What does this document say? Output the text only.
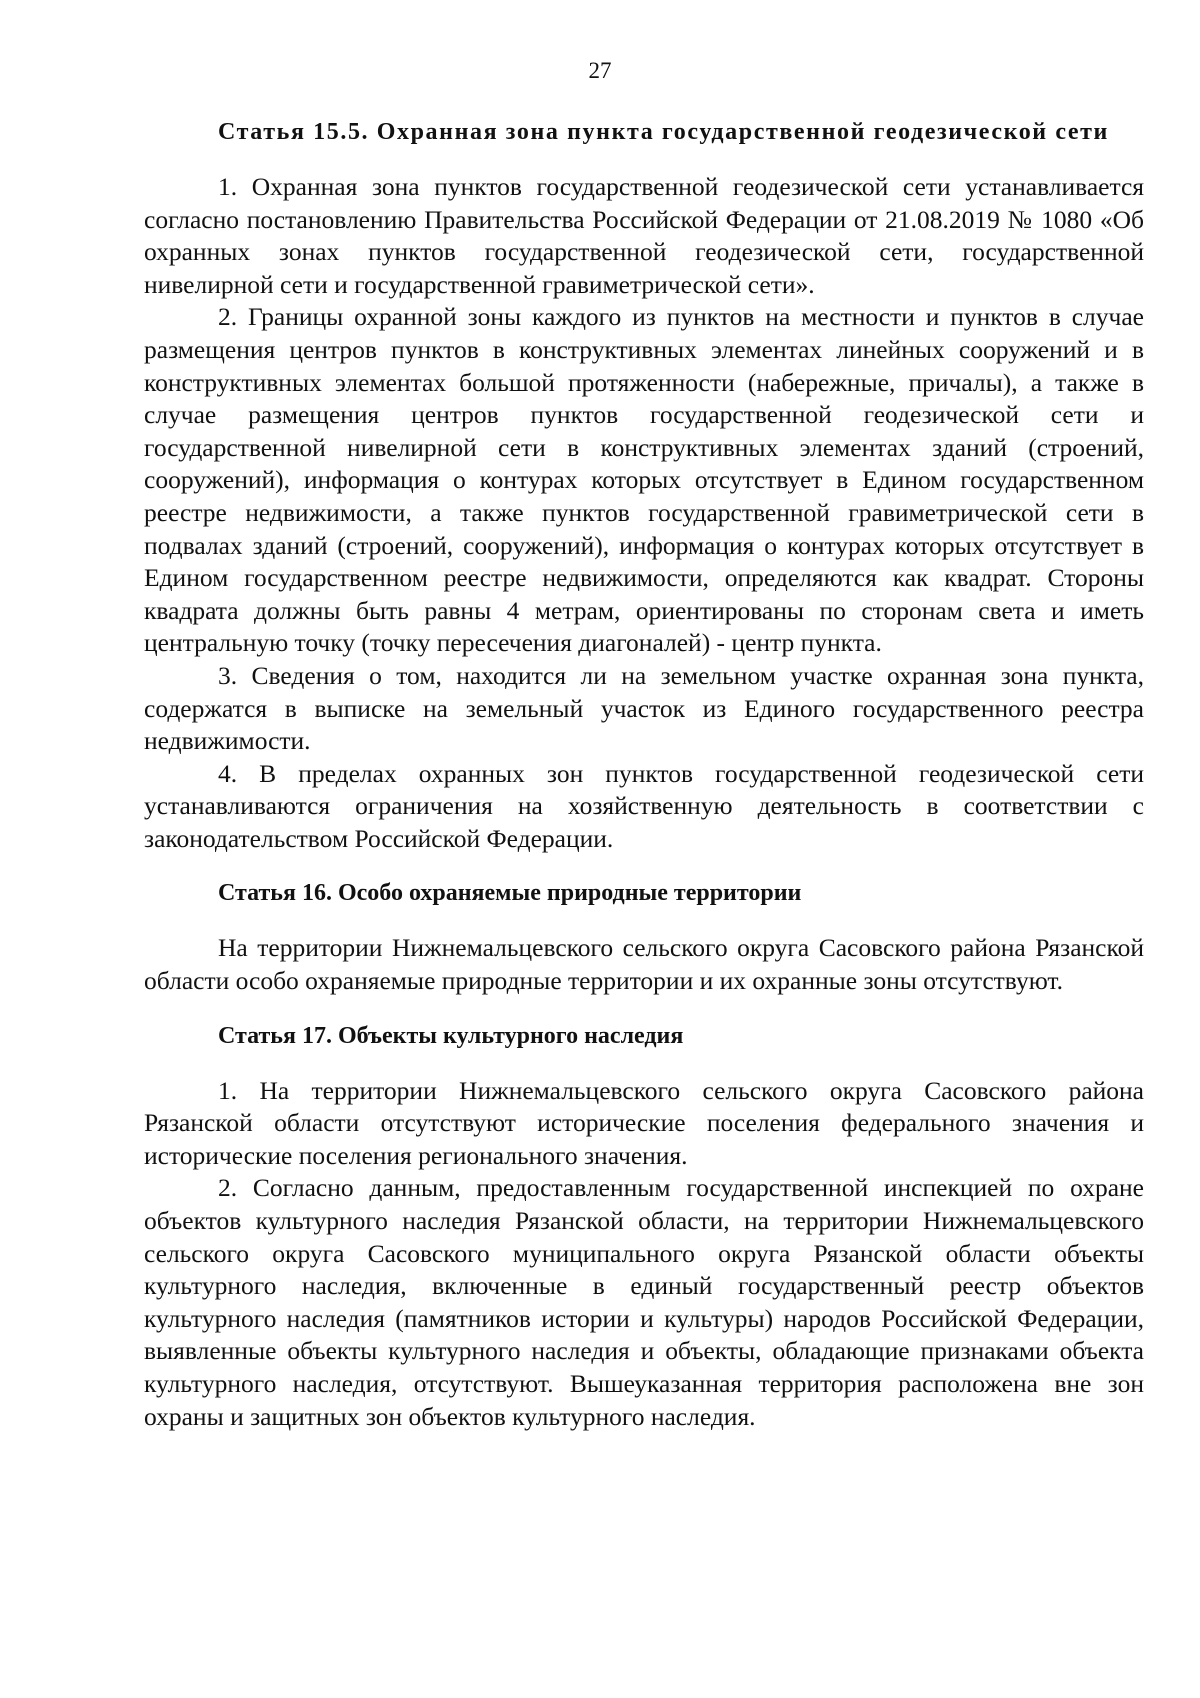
27

Статья 15.5. Охранная зона пункта государственной геодезической сети

1. Охранная зона пунктов государственной геодезической сети устанавливается согласно постановлению Правительства Российской Федерации от 21.08.2019 № 1080 «Об охранных зонах пунктов государственной геодезической сети, государственной нивелирной сети и государственной гравиметрической сети».

2. Границы охранной зоны каждого из пунктов на местности и пунктов в случае размещения центров пунктов в конструктивных элементах линейных сооружений и в конструктивных элементах большой протяженности (набережные, причалы), а также в случае размещения центров пунктов государственной геодезической сети и государственной нивелирной сети в конструктивных элементах зданий (строений, сооружений), информация о контурах которых отсутствует в Едином государственном реестре недвижимости, а также пунктов государственной гравиметрической сети в подвалах зданий (строений, сооружений), информация о контурах которых отсутствует в Едином государственном реестре недвижимости, определяются как квадрат. Стороны квадрата должны быть равны 4 метрам, ориентированы по сторонам света и иметь центральную точку (точку пересечения диагоналей) - центр пункта.

3. Сведения о том, находится ли на земельном участке охранная зона пункта, содержатся в выписке на земельный участок из Единого государственного реестра недвижимости.

4. В пределах охранных зон пунктов государственной геодезической сети устанавливаются ограничения на хозяйственную деятельность в соответствии с законодательством Российской Федерации.

Статья 16. Особо охраняемые природные территории

На территории Нижнемальцевского сельского округа Сасовского района Рязанской области особо охраняемые природные территории и их охранные зоны отсутствуют.

Статья 17. Объекты культурного наследия

1. На территории Нижнемальцевского сельского округа Сасовского района Рязанской области отсутствуют исторические поселения федерального значения и исторические поселения регионального значения.

2. Согласно данным, предоставленным государственной инспекцией по охране объектов культурного наследия Рязанской области, на территории Нижнемальцевского сельского округа Сасовского муниципального округа Рязанской области объекты культурного наследия, включенные в единый государственный реестр объектов культурного наследия (памятников истории и культуры) народов Российской Федерации, выявленные объекты культурного наследия и объекты, обладающие признаками объекта культурного наследия, отсутствуют. Вышеуказанная территория расположена вне зон охраны и защитных зон объектов культурного наследия.
